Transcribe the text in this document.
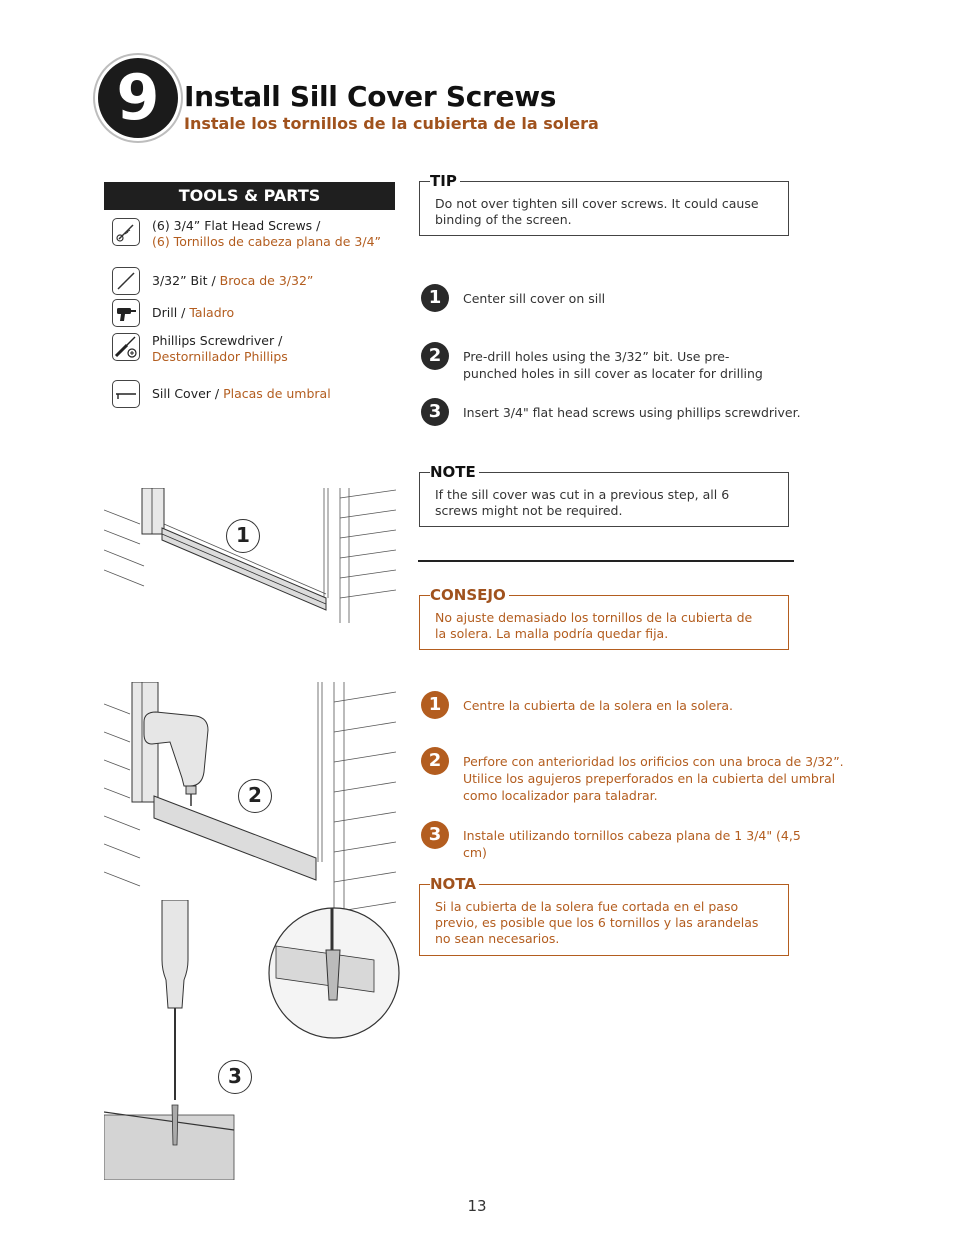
9 Install Sill Cover Screws
Instale los tornillos de la cubierta de la solera
TOOLS & PARTS
(6) 3/4” Flat Head Screws /
(6) Tornillos de cabeza plana de 3/4”
3/32” Bit / Broca de 3/32”
Drill / Taladro
Phillips Screwdriver /
Destornillador Phillips
Sill Cover / Placas de umbral
TIP
Do not over tighten sill cover screws. It could cause binding of the screen.
1	Center sill cover on sill
2	Pre-drill holes using the 3/32” bit. Use pre-punched holes in sill cover as locater for drilling
3	Insert 3/4" flat head screws using phillips screwdriver.
NOTE
If the sill cover was cut in a previous step, all 6 screws might not be required.
CONSEJO
No ajuste demasiado los tornillos de la cubierta de la solera. La malla podría quedar fija.
1	Centre la cubierta de la solera en la solera.
2	Perfore con anterioridad los orificios con una broca de 3/32”. Utilice los agujeros preperforados en la cubierta del umbral como localizador para taladrar.
3	Instale utilizando tornillos cabeza plana de 1 3/4" (4,5 cm)
NOTA
Si la cubierta de la solera fue cortada en el paso previo, es posible que los 6 tornillos y las arandelas no sean necesarios.
1
2
3
13
